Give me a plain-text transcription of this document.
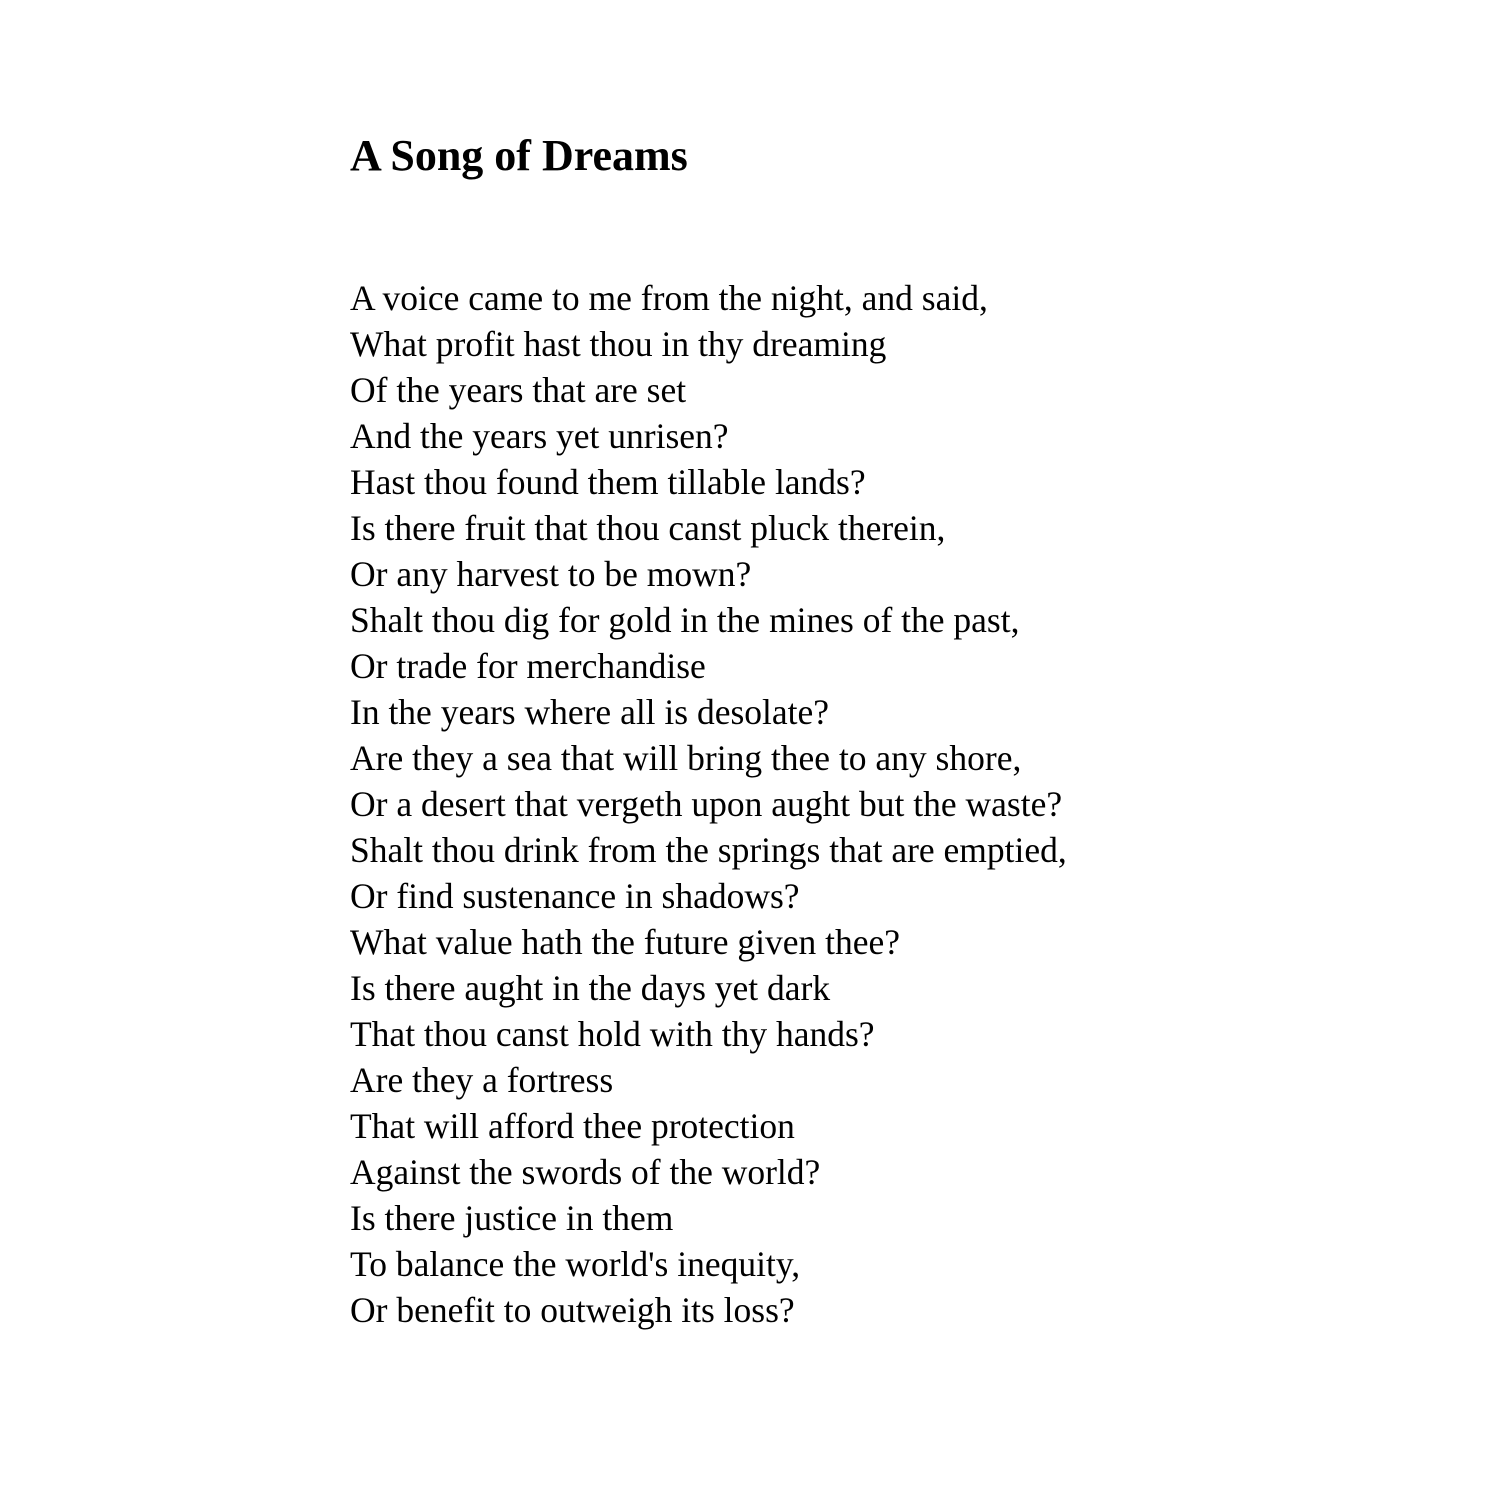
A Song of Dreams
A voice came to me from the night, and said,
What profit hast thou in thy dreaming
Of the years that are set
And the years yet unrisen?
Hast thou found them tillable lands?
Is there fruit that thou canst pluck therein,
Or any harvest to be mown?
Shalt thou dig for gold in the mines of the past,
Or trade for merchandise
In the years where all is desolate?
Are they a sea that will bring thee to any shore,
Or a desert that vergeth upon aught but the waste?
Shalt thou drink from the springs that are emptied,
Or find sustenance in shadows?
What value hath the future given thee?
Is there aught in the days yet dark
That thou canst hold with thy hands?
Are they a fortress
That will afford thee protection
Against the swords of the world?
Is there justice in them
To balance the world's inequity,
Or benefit to outweigh its loss?
